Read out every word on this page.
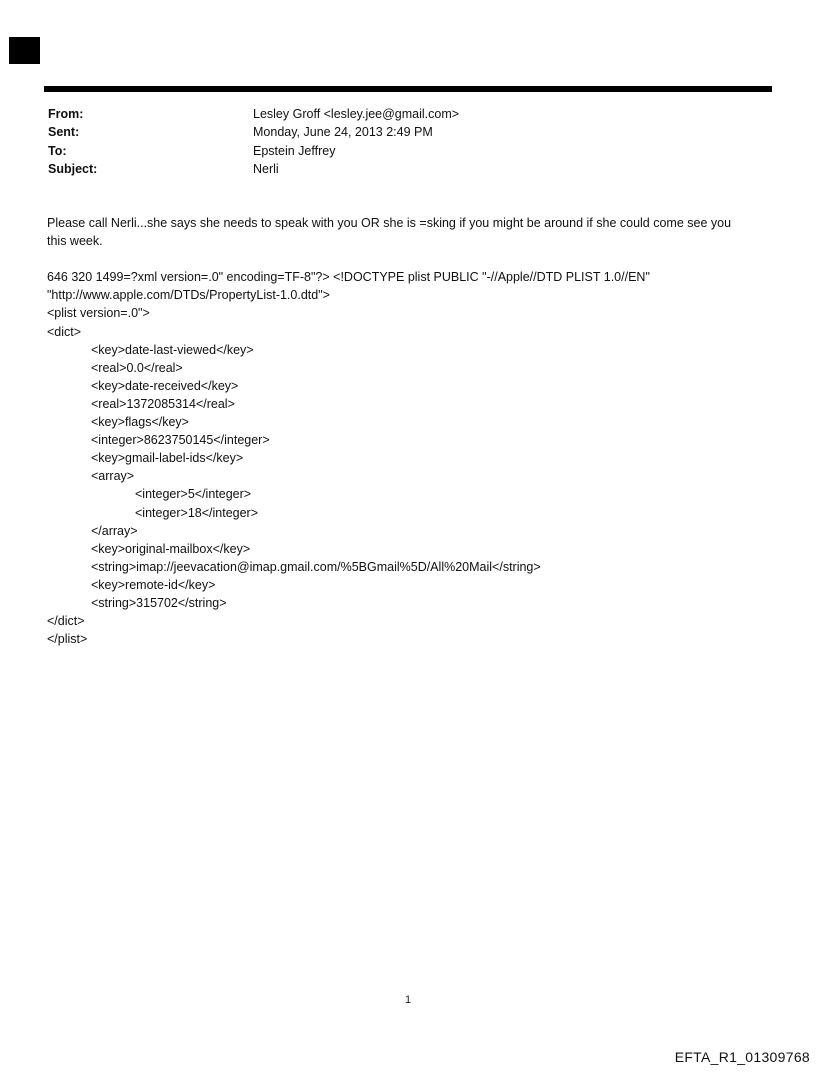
From:	Lesley Groff <lesley.jee@gmail.com>
Sent:	Monday, June 24, 2013 2:49 PM
To:	Epstein Jeffrey
Subject:	Nerli
Please call Nerli...she says she needs to speak with you OR she is =sking if you might be around if she could come see you
this week.
646 320 1499=?xml version=.0" encoding=TF-8"?> <!DOCTYPE plist PUBLIC "-//Apple//DTD PLIST 1.0//EN"
"http://www.apple.com/DTDs/PropertyList-1.0.dtd">
<plist version=.0">
<dict>
<key>date-last-viewed</key>
<real>0.0</real>
<key>date-received</key>
<real>1372085314</real>
<key>flags</key>
<integer>8623750145</integer>
<key>gmail-label-ids</key>
<array>
<integer>5</integer>
<integer>18</integer>
</array>
<key>original-mailbox</key>
<string>imap://jeevacation@imap.gmail.com/%5BGmail%5D/All%20Mail</string>
<key>remote-id</key>
<string>315702</string>
</dict>
</plist>
1
EFTA_R1_01309768
